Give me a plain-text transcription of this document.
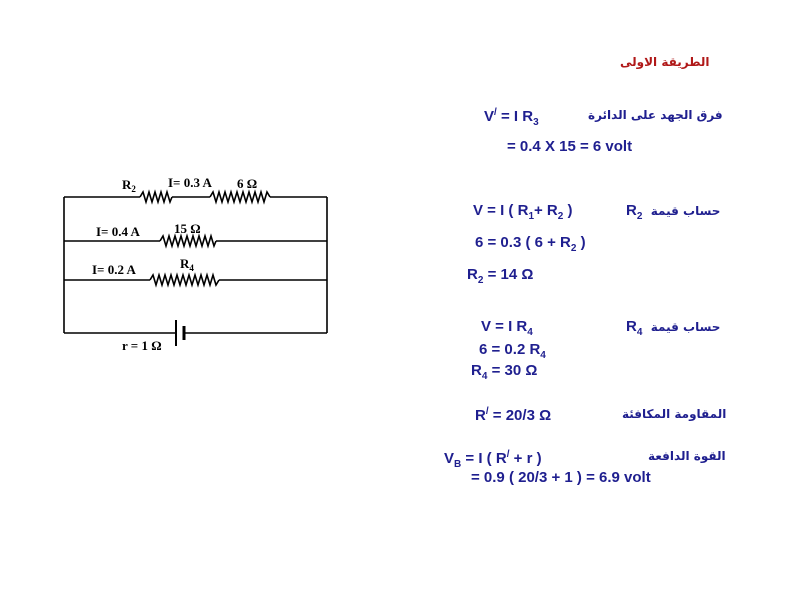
$R_2$ I= 0.3 A 6 Ω
I= 0.4 A	15 Ω
I= 0.2 A	$R_4$
r = 1 Ω
الطريقة الاولى
V/ = I $R_3$
فرق الجهد على الدائرة
= 0.4 X 15 = 6 volt
V = I ( $R_1+ R_2$ )	$R_2$ حساب قيمة
6 = 0.3 ( $6 + R_2$ )
$R_2 = 14$ Ω
V = I $R_4$	$R_4$ حساب قيمة
6 = 0.2 $R_4$
$R_4 = 30$ Ω
R/ = 20/3 Ω	المقاومة المكافئة
$V_B = I$ ( R/ + r )	القوة الدافعة
= 0.9 ( 20/3 + 1 ) = 6.9 volt
